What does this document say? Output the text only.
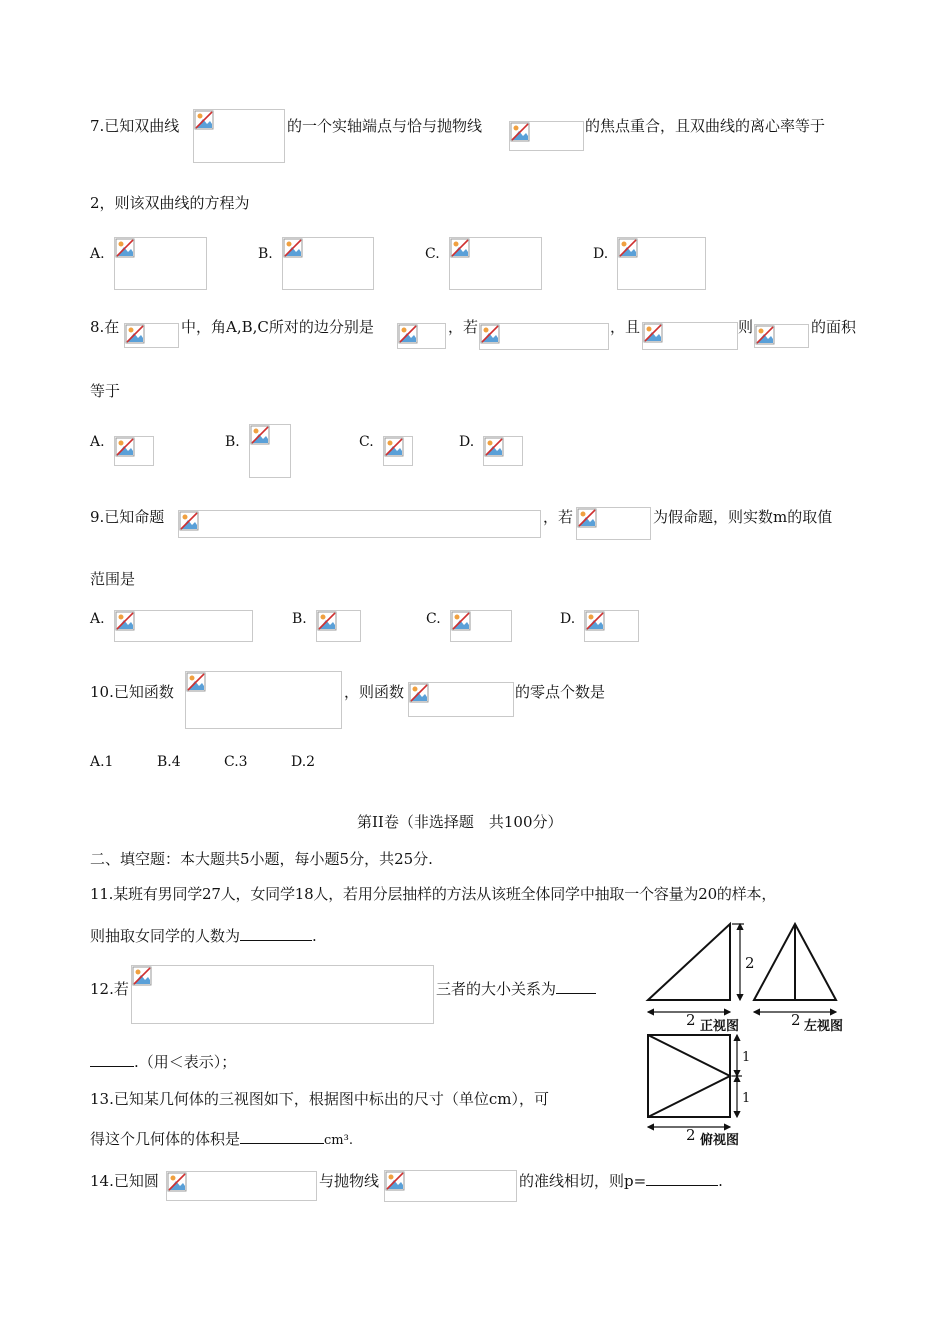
7.已知双曲线	的一个实轴端点与恰与抛物线	的焦点重合，且双曲线的离心率等于
2，则该双曲线的方程为
A.	B.	C.	D.
8.在	中，角A,B,C所对的边分别是	，若	，且	则	的面积
等于
A.	B.	C.	D.
9.已知命题	，若	为假命题，则实数m的取值
范围是
A.	B.	C.	D.
10.已知函数	，则函数	的零点个数是
A.1	B.4	C.3	D.2
第II卷（非选择题　共100分）
二、填空题：本大题共5小题，每小题5分，共25分.
11.某班有男同学27人，女同学18人，若用分层抽样的方法从该班全体同学中抽取一个容量为20的样本，
则抽取女同学的人数为	.
12.若	三者的大小关系为
.（用＜表示）；
13.已知某几何体的三视图如下，根据图中标出的尺寸（单位cm），可
得这个几何体的体积是	cm³.
14.已知圆	与抛物线	的准线相切，则p=	.
2
2
2
2
1
1
正视图	左视图
俯视图
